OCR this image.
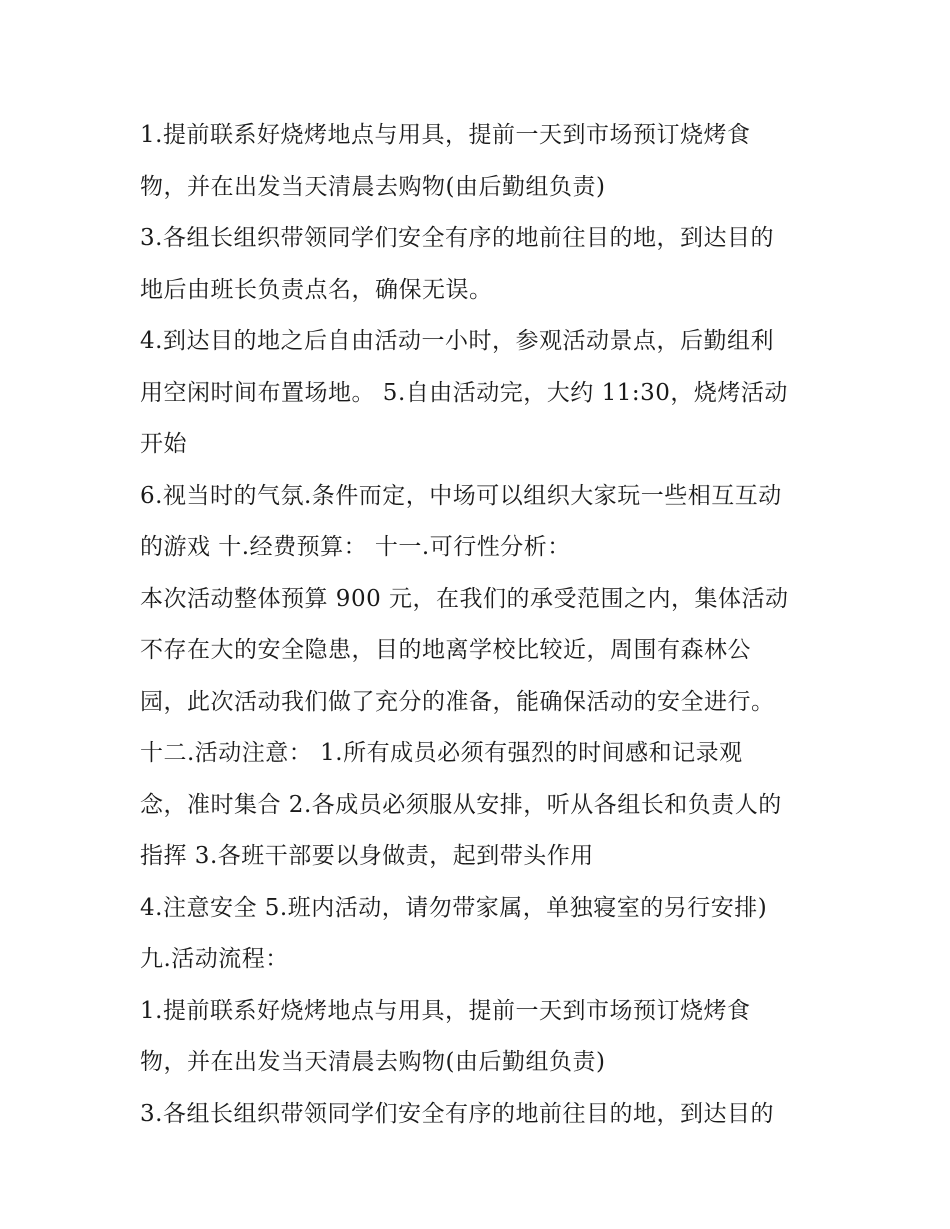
1.提前联系好烧烤地点与用具，提前一天到市场预订烧烤食
物，并在出发当天清晨去购物(由后勤组负责)
3.各组长组织带领同学们安全有序的地前往目的地，到达目的
地后由班长负责点名，确保无误。
4.到达目的地之后自由活动一小时，参观活动景点，后勤组利
用空闲时间布置场地。 5.自由活动完，大约 11:30，烧烤活动
开始
6.视当时的气氛.条件而定，中场可以组织大家玩一些相互互动
的游戏 十.经费预算： 十一.可行性分析：
本次活动整体预算 900 元，在我们的承受范围之内，集体活动
不存在大的安全隐患，目的地离学校比较近，周围有森林公
园，此次活动我们做了充分的准备，能确保活动的安全进行。
十二.活动注意： 1.所有成员必须有强烈的时间感和记录观
念，准时集合 2.各成员必须服从安排，听从各组长和负责人的
指挥 3.各班干部要以身做责，起到带头作用
4.注意安全 5.班内活动，请勿带家属，单独寝室的另行安排)
九.活动流程：
1.提前联系好烧烤地点与用具，提前一天到市场预订烧烤食
物，并在出发当天清晨去购物(由后勤组负责)
3.各组长组织带领同学们安全有序的地前往目的地，到达目的
